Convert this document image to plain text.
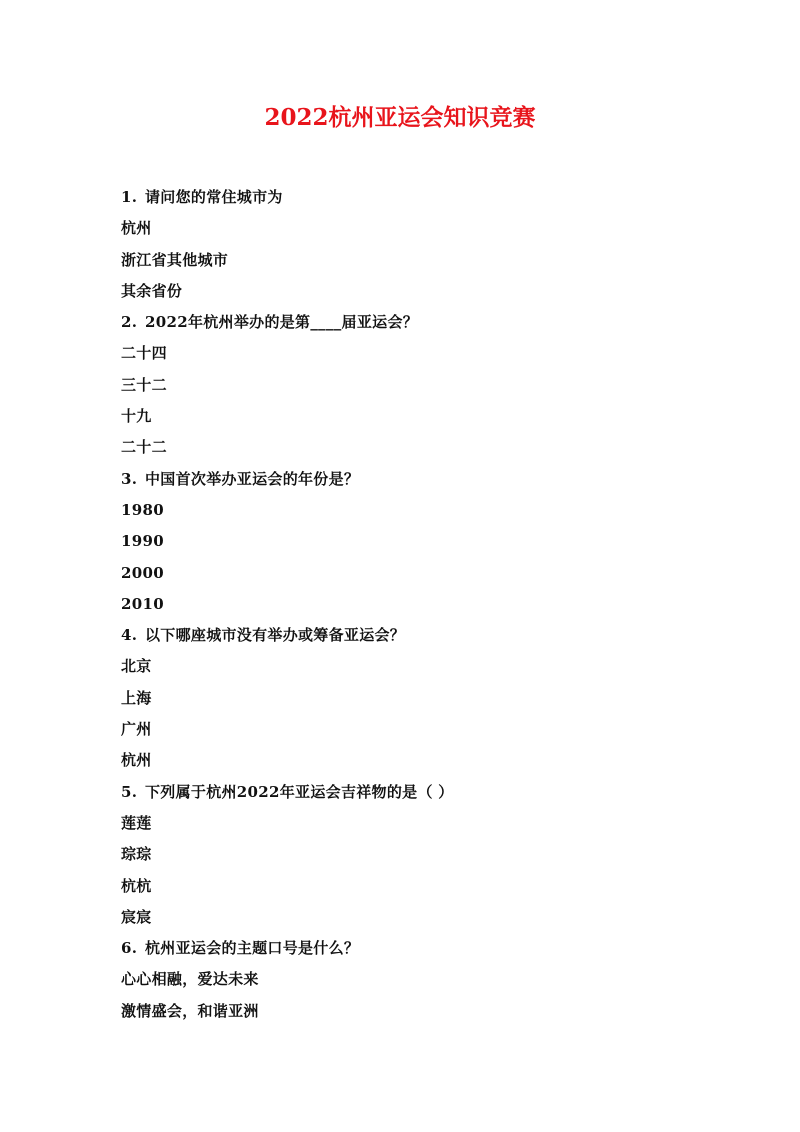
2022杭州亚运会知识竞赛
1. 请问您的常住城市为
杭州
浙江省其他城市
其余省份
2. 2022年杭州举办的是第____届亚运会？
二十四
三十二
十九
二十二
3. 中国首次举办亚运会的年份是？
1980
1990
2000
2010
4. 以下哪座城市没有举办或筹备亚运会？
北京
上海
广州
杭州
5. 下列属于杭州2022年亚运会吉祥物的是（ ）
莲莲
琮琮
杭杭
宸宸
6. 杭州亚运会的主题口号是什么？
心心相融，爱达未来
激情盛会，和谐亚洲
